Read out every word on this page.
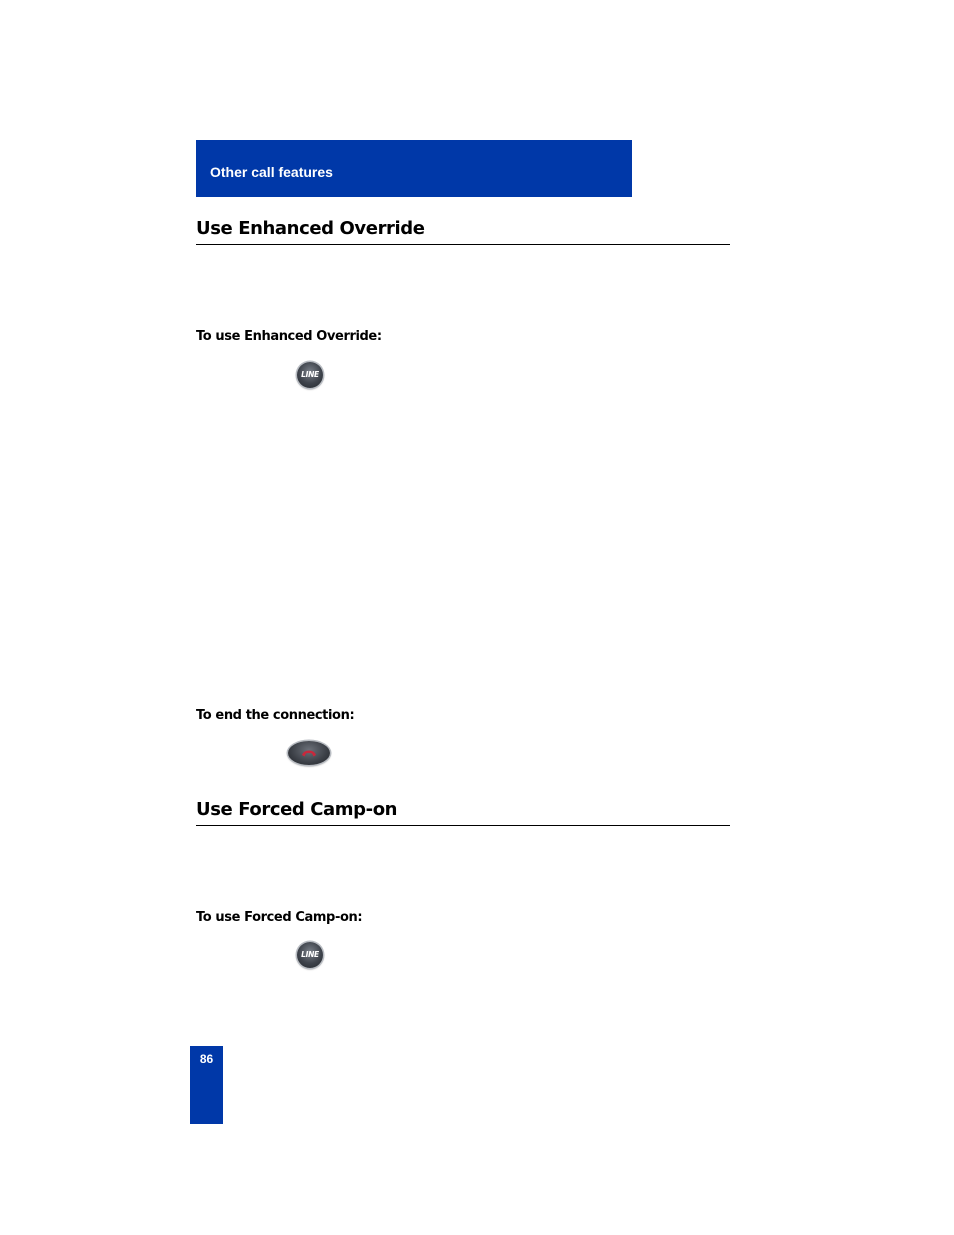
Other call features
Use Enhanced Override
To use Enhanced Override:
LINE
To end the connection:
Use Forced Camp-on
To use Forced Camp-on:
LINE
86
